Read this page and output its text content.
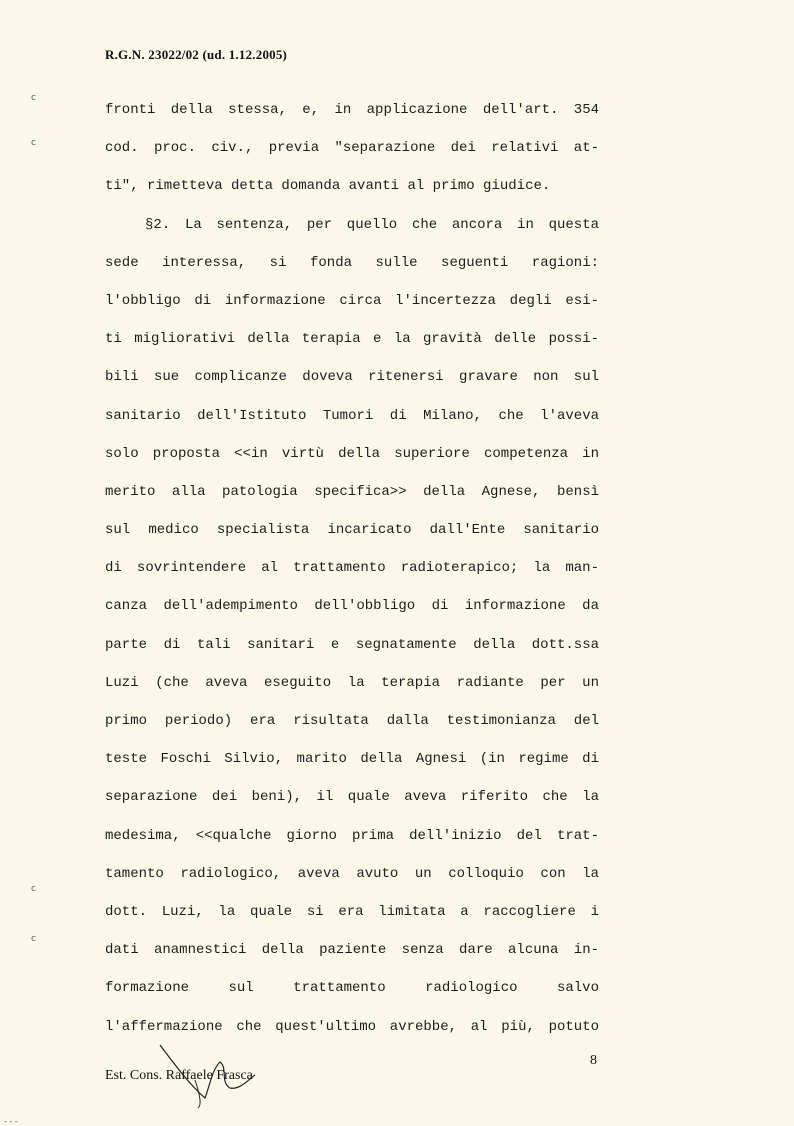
R.G.N. 23022/02 (ud. 1.12.2005)
c
c
c
c
fronti della stessa, e, in applicazione dell'art. 354
cod. proc. civ., previa "separazione dei relativi at-
ti", rimetteva detta domanda avanti al primo giudice.
§2. La sentenza, per quello che ancora in questa
sede interessa, si fonda sulle seguenti ragioni:
l'obbligo di informazione circa l'incertezza degli esi-
ti migliorativi della terapia e la gravità delle possi-
bili sue complicanze doveva ritenersi gravare non sul
sanitario dell'Istituto Tumori di Milano, che l'aveva
solo proposta <<in virtù della superiore competenza in
merito alla patologia specifica>> della Agnese, bensì
sul medico specialista incaricato dall'Ente sanitario
di sovrintendere al trattamento radioterapico; la man-
canza dell'adempimento dell'obbligo di informazione da
parte di tali sanitari e segnatamente della dott.ssa
Luzi (che aveva eseguito la terapia radiante per un
primo periodo) era risultata dalla testimonianza del
teste Foschi Silvio, marito della Agnesi (in regime di
separazione dei beni), il quale aveva riferito che la
medesima, <<qualche giorno prima dell'inizio del trat-
tamento radiologico, aveva avuto un colloquio con la
dott. Luzi, la quale si era limitata a raccogliere i
dati anamnestici della paziente senza dare alcuna in-
formazione sul trattamento radiologico salvo
l'affermazione che quest'ultimo avrebbe, al più, potuto
8
Est. Cons. Raffaele Frasca
- - -
